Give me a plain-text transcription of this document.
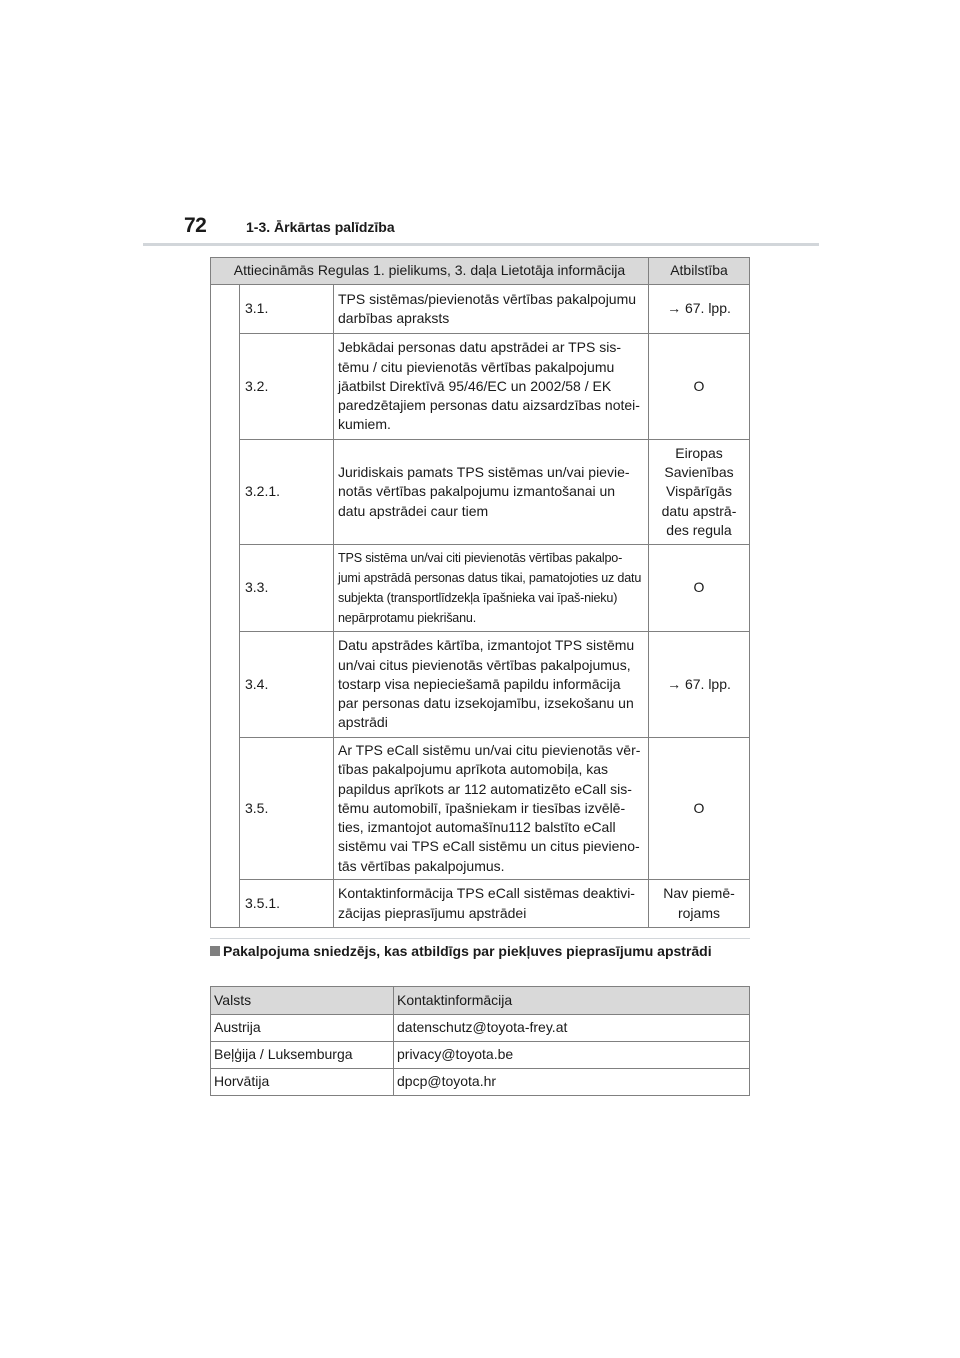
72	1-3. Ārkārtas palīdzība
Attiecināmās Regulas 1. pielikums, 3. daļa Lietotāja informācija			Atbilstība
	3.1.	TPS sistēmas/pievienotās vērtības pakalpojumu darbības apraksts	→ 67. lpp.
	3.2.	Jebkādai personas datu apstrādei ar TPS sis-tēmu / citu pievienotās vērtības pakalpojumu jāatbilst Direktīvā 95/46/EC un 2002/58 / EK paredzētajiem personas datu aizsardzības notei-kumiem.	O
	3.2.1.	Juridiskais pamats TPS sistēmas un/vai pievie-notās vērtības pakalpojumu izmantošanai un datu apstrādei caur tiem	Eiropas Savienības Vispārīgās datu apstrā-des regula
	3.3.	TPS sistēma un/vai citi pievienotās vērtības pakalpo-jumi apstrādā personas datus tikai, pamatojoties uz datu subjekta (transportlīdzekļa īpašnieka vai īpaš-nieku) nepārprotamu piekrišanu.	O
	3.4.	Datu apstrādes kārtība, izmantojot TPS sistēmu un/vai citus pievienotās vērtības pakalpojumus, tostarp visa nepieciešamā papildu informācija par personas datu izsekojamību, izsekošanu un apstrādi	→ 67. lpp.
	3.5.	Ar TPS eCall sistēmu un/vai citu pievienotās vēr-tības pakalpojumu aprīkota automobiļa, kas papildus aprīkots ar 112 automatizēto eCall sis-tēmu automobilī, īpašniekam ir tiesības izvēlē-ties, izmantojot automašīnu112 balstīto eCall sistēmu vai TPS eCall sistēmu un citus pievieno-tās vērtības pakalpojumus.	O
	3.5.1.	Kontaktinformācija TPS eCall sistēmas deaktivi-zācijas pieprasījumu apstrādei	Nav piemē-rojams
Pakalpojuma sniedzējs, kas atbildīgs par piekļuves pieprasījumu apstrādi
Valsts	Kontaktinformācija
Austrija	datenschutz@toyota-frey.at
Beļģija / Luksemburga	privacy@toyota.be
Horvātija	dpcp@toyota.hr
